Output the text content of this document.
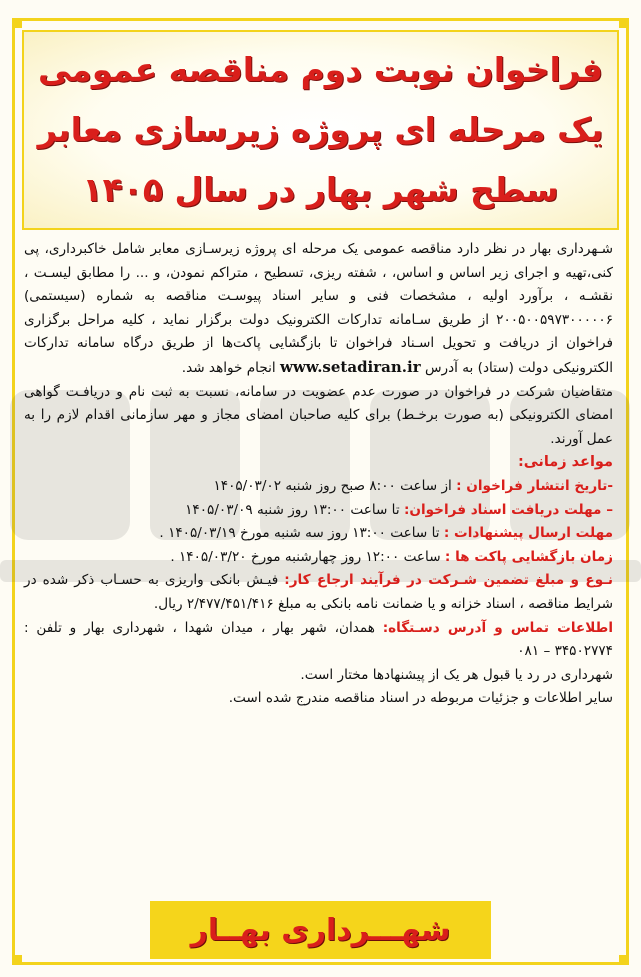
فراخوان نوبت دوم مناقصه عمومی
یک مرحله ای پروژه زیرسازی معابر
سطح شهر بهار در سال ۱۴۰۵

شـهرداری بهار در نظر دارد مناقصه عمومی یک مرحله ای پروژه زیرسـازی معابر شامل خاکبرداری، پی کنی،تهیه و اجرای زیر اساس و اساس، ، شفته ریزی، تسطیح ، متراکم نمودن، و ... را مطابق لیسـت ، نقشـه ، برآورد اولیه ، مشخصات فنی و سایر اسناد پیوسـت مناقصه به شماره (سیستمی) ۲۰۰۵۰۰۵۹۷۳۰۰۰۰۰۶ از طریق سـامانه تدارکات الکترونیک دولت برگزار نماید ، کلیه مراحل برگزاری فراخوان از دریافت و تحویل اسـناد فراخوان تا بازگشایی پاکت‌ها از طریق درگاه سامانه تدارکات الکترونیکی دولت (ستاد) به آدرس www.setadiran.ir انجام خواهد شد.

متقاضیان شرکت در فراخوان در صورت عدم عضویت در سامانه، نسبت به ثبت نام و دریافـت گواهی امضای الکترونیکی (به صورت برخـط) برای کلیه صاحبان امضای مجاز و مهر سازمانی اقدام لازم را به عمل آورند.

مواعد زمانی:

-تاریخ انتشار فراخوان : از ساعت ۸:۰۰ صبح روز شنبه ۱۴۰۵/۰۳/۰۲

– مهلت دریافت اسناد فراخوان: تا ساعت ۱۳:۰۰ روز شنبه ۱۴۰۵/۰۳/۰۹

مهلت ارسال پیشنهادات : تا ساعت ۱۳:۰۰ روز سه شنبه مورخ ۱۴۰۵/۰۳/۱۹ .

زمان بازگشایی پاکت ها : ساعت ۱۲:۰۰ روز چهارشنبه مورخ ۱۴۰۵/۰۳/۲۰ .

نـوع و مبلغ تضمین شـرکت در فرآیند ارجاع کار: فیـش بانکی واریزی به حسـاب ذکر شده در شرایط مناقصه ، اسناد خزانه و یا ضمانت نامه بانکی به مبلغ ۲/۴۷۷/۴۵۱/۴۱۶ ریال.

اطلاعات تماس و آدرس دسـتگاه: همدان، شهر بهار ، میدان شهدا ، شهرداری بهار و تلفن : ۳۴۵۰۲۷۷۴ – ۰۸۱

شهرداری در رد یا قبول هر یک از پیشنهادها مختار است.

سایر اطلاعات و جزئیات مربوطه در اسناد مناقصه مندرج شده است.

شهـــرداری بهــار
